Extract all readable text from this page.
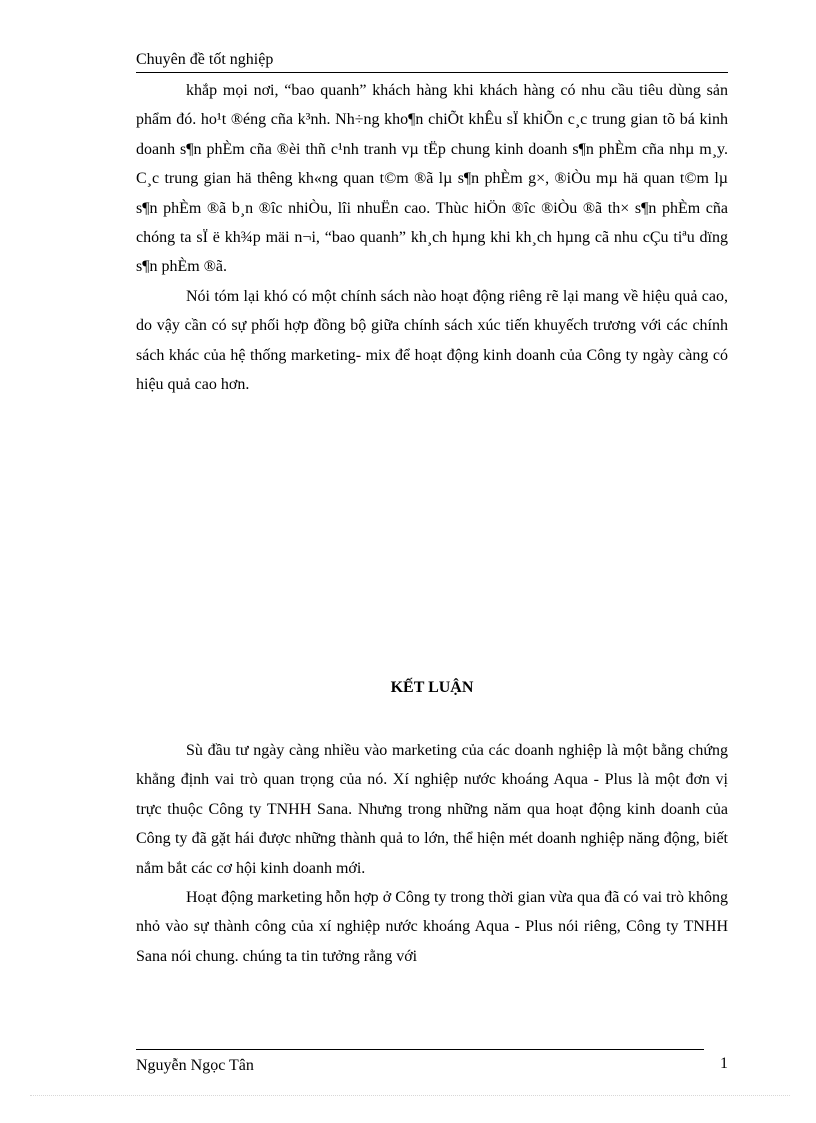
Chuyên đề tốt nghiệp

khắp mọi nơi, “bao quanh” khách hàng khi khách hàng có nhu cầu tiêu dùng sản phẩm đó. ho¹t ®éng cña k³nh. Nh÷ng kho¶n chiÕt khÊu sÏ khiÕn c¸c trung gian tõ bá kinh doanh s¶n phÈm cña ®èi thñ c¹nh tranh vµ tËp chung kinh doanh s¶n phÈm cña nhµ m¸y. C¸c trung gian hä thêng kh«ng quan t©m ®ã lµ s¶n phÈm g×, ®iÒu mµ hä quan t©m lµ s¶n phÈm ®ã b¸n ®îc nhiÒu, lîi nhuËn cao. Thùc hiÖn ®îc ®iÒu ®ã th× s¶n phÈm cña chóng ta sÏ ë kh¾p mäi n¬i, “bao quanh” kh¸ch hµng khi kh¸ch hµng cã nhu cÇu tiªu dïng s¶n phÈm ®ã.

Nói tóm lại khó có một chính sách nào hoạt động riêng rẽ lại mang về hiệu quả cao, do vậy cần có sự phối hợp đồng bộ giữa chính sách xúc tiến khuyếch trương với các chính sách khác của hệ thống marketing- mix để hoạt động kinh doanh của Công ty ngày càng có hiệu quả cao hơn.

KẾT LUẬN

Sù đầu tư ngày càng nhiều vào marketing của các doanh nghiệp là một bằng chứng khẳng định vai trò quan trọng của nó. Xí nghiệp nước khoáng Aqua - Plus là một đơn vị trực thuộc Công ty TNHH Sana. Nhưng trong những năm qua hoạt động kinh doanh của Công ty đã gặt hái được những thành quả to lớn, thể hiện mét doanh nghiệp năng động, biết nắm bắt các cơ hội kinh doanh mới.

Hoạt động marketing hỗn hợp ở Công ty trong thời gian vừa qua đã có vai trò không nhỏ vào sự thành công của xí nghiệp nước khoáng Aqua - Plus nói riêng, Công ty TNHH Sana nói chung. chúng ta tin tưởng rằng với

Nguyễn Ngọc Tân	1
